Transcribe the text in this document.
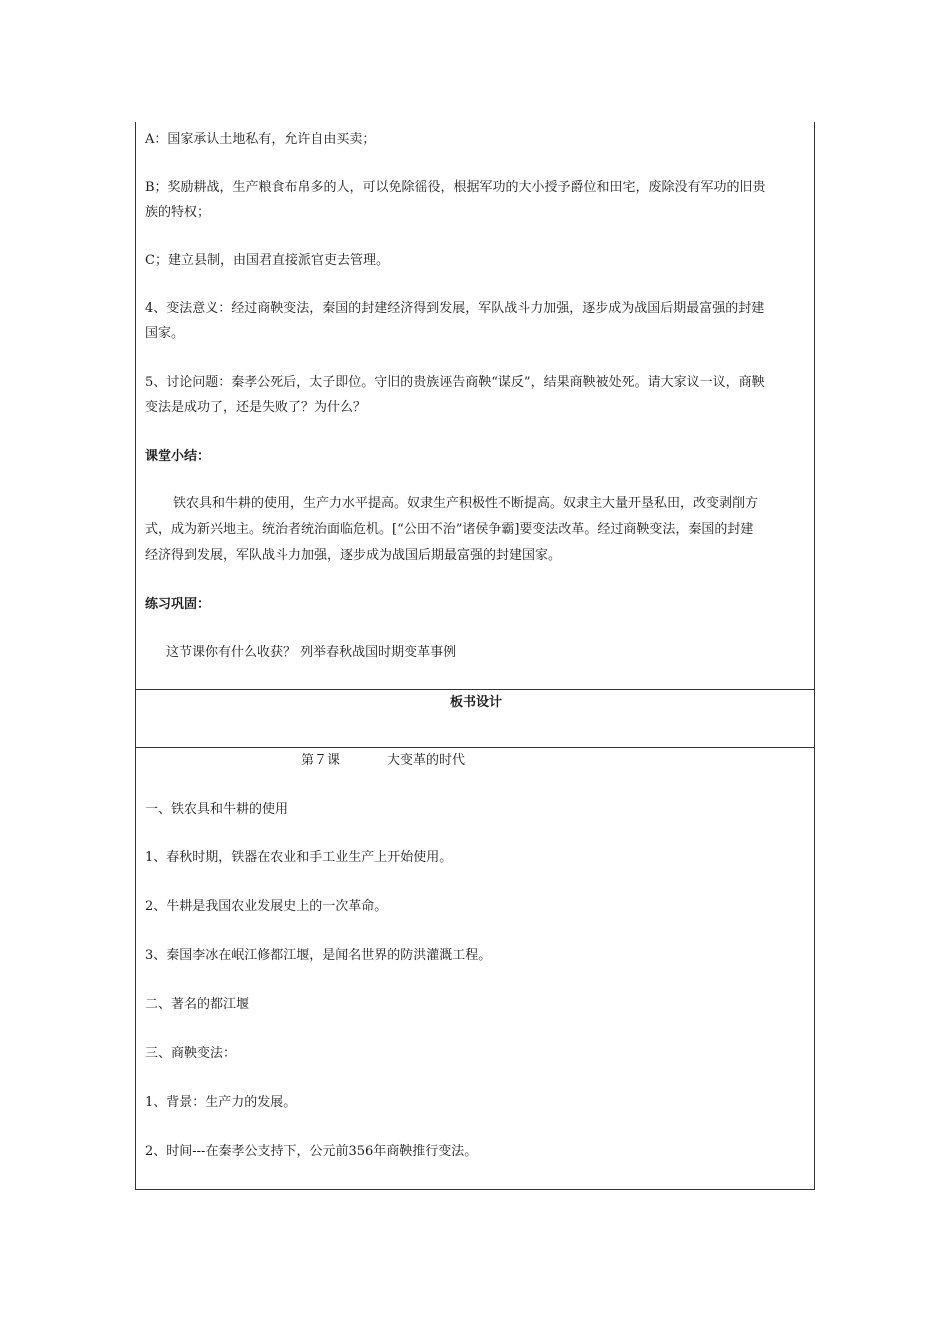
A：国家承认土地私有，允许自由买卖；
B；奖励耕战，生产粮食布帛多的人，可以免除徭役，根据军功的大小授予爵位和田宅，废除没有军功的旧贵
族的特权；
C；建立县制，由国君直接派官吏去管理。
4、变法意义：经过商鞅变法，秦国的封建经济得到发展，军队战斗力加强，逐步成为战国后期最富强的封建
国家。
5、讨论问题：秦孝公死后，太子即位。守旧的贵族诬告商鞅“谋反”，结果商鞅被处死。请大家议一议，商鞅
变法是成功了，还是失败了？为什么？
课堂小结：
铁农具和牛耕的使用，生产力水平提高。奴隶生产积极性不断提高。奴隶主大量开垦私田，改变剥削方
式，成为新兴地主。统治者统治面临危机。[“公田不治”诸侯争霸]要变法改革。经过商鞅变法，秦国的封建
经济得到发展，军队战斗力加强，逐步成为战国后期最富强的封建国家。
练习巩固：
这节课你有什么收获？ 列举春秋战国时期变革事例
板书设计
第７课	大变革的时代
一、铁农具和牛耕的使用
1、春秋时期，铁器在农业和手工业生产上开始使用。
2、牛耕是我国农业发展史上的一次革命。
3、秦国李冰在岷江修都江堰，是闻名世界的防洪灌溉工程。
二、著名的都江堰
三、商鞅变法：
1、背景：生产力的发展。
2、时间---在秦孝公支持下，公元前356年商鞅推行变法。
